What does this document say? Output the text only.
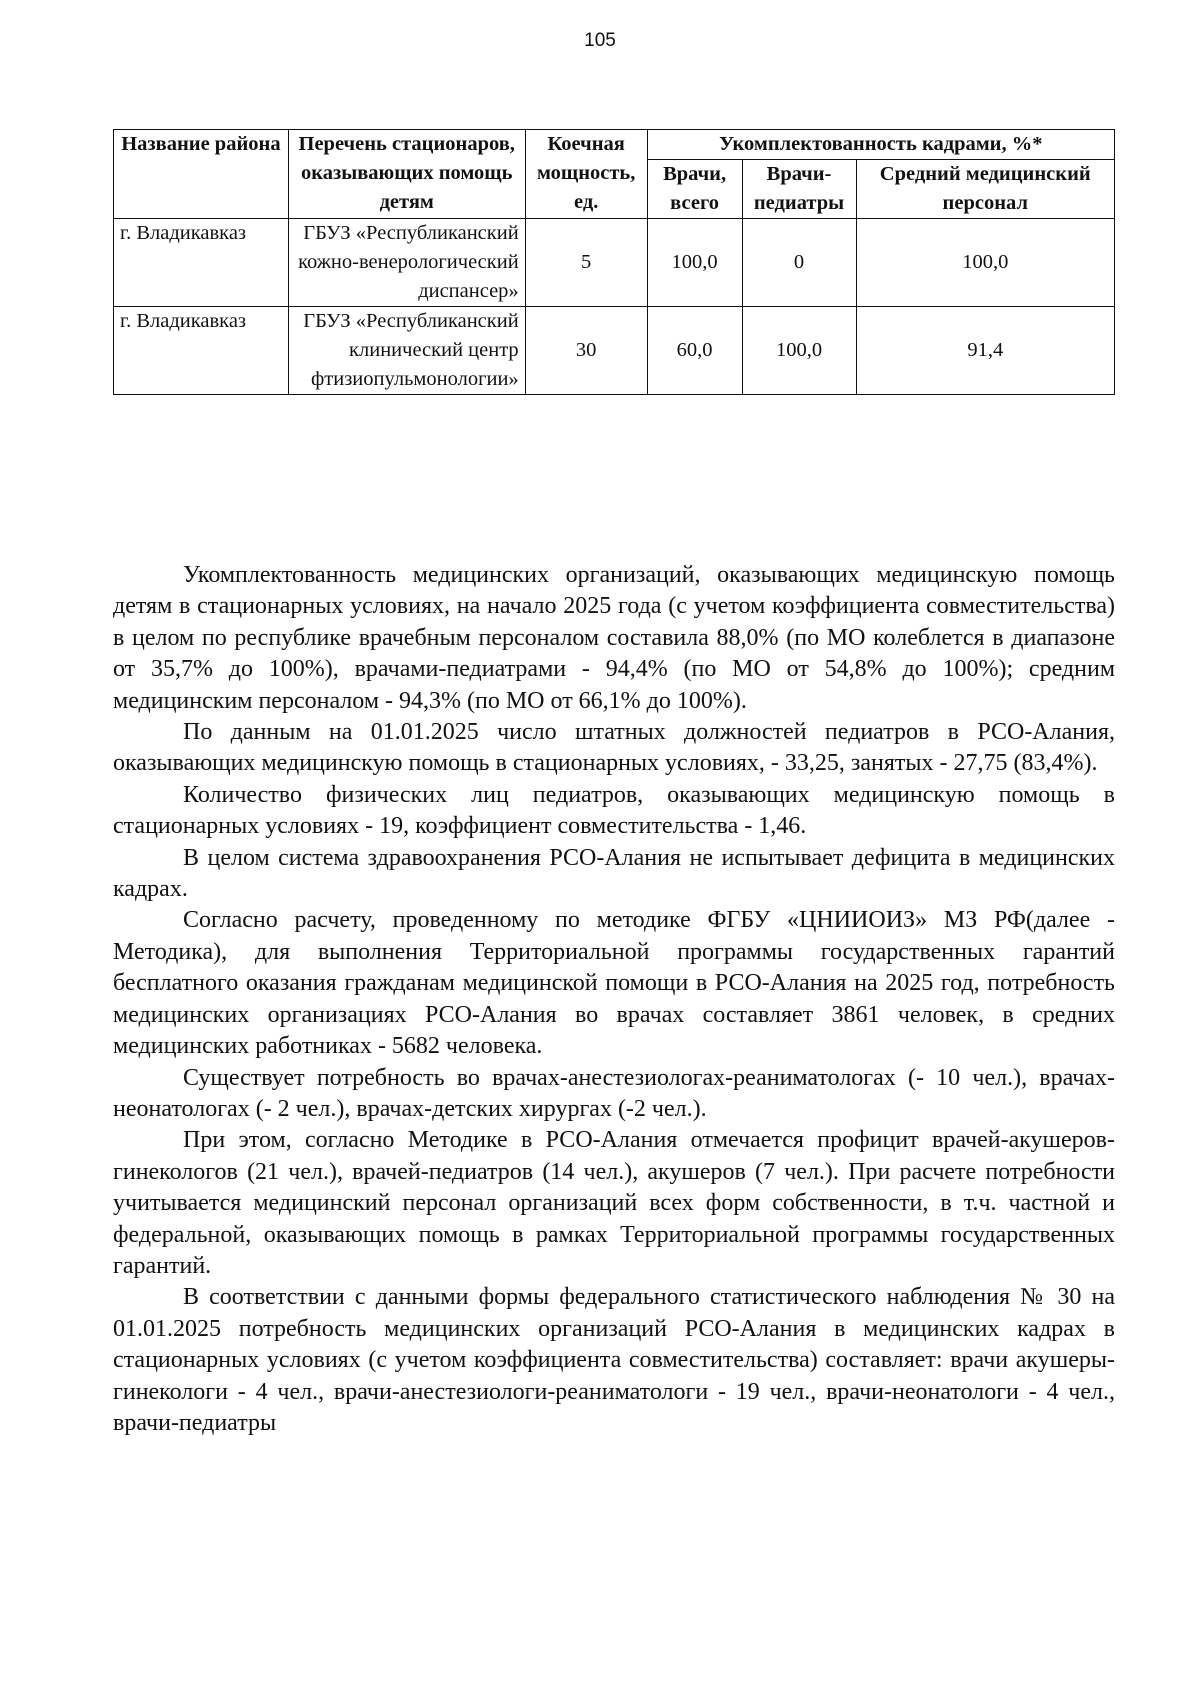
105
Название района	Перечень стационаров, оказывающих помощь детям	Коечная мощность, ед.	Укомплектованность кадрами, %*		
			Врачи, всего	Врачи-педиатры	Средний медицинский персонал
г. Владикавказ	ГБУЗ «Республиканский кожно-венерологический диспансер»	5	100,0	0	100,0
г. Владикавказ	ГБУЗ «Республиканский клинический центр фтизиопульмонологии»	30	60,0	100,0	91,4

Укомплектованность медицинских организаций, оказывающих медицинскую помощь детям в стационарных условиях, на начало 2025 года (с учетом коэффициента совместительства) в целом по республике врачебным персоналом составила 88,0% (по МО колеблется в диапазоне от 35,7% до 100%), врачами-педиатрами - 94,4% (по МО от 54,8% до 100%); средним медицинским персоналом - 94,3% (по МО от 66,1% до 100%).

По данным на 01.01.2025 число штатных должностей педиатров в РСО-Алания, оказывающих медицинскую помощь в стационарных условиях, - 33,25, занятых - 27,75 (83,4%).

Количество физических лиц педиатров, оказывающих медицинскую помощь в стационарных условиях - 19, коэффициент совместительства - 1,46.

В целом система здравоохранения РСО-Алания не испытывает дефицита в медицинских кадрах.

Согласно расчету, проведенному по методике ФГБУ «ЦНИИОИЗ» МЗ РФ(далее - Методика), для выполнения Территориальной программы государственных гарантий бесплатного оказания гражданам медицинской помощи в РСО-Алания на 2025 год, потребность медицинских организациях РСО-Алания во врачах составляет 3861 человек, в средних медицинских работниках - 5682 человека.

Существует потребность во врачах-анестезиологах-реаниматологах (- 10 чел.), врачах-неонатологах (- 2 чел.), врачах-детских хирургах (-2 чел.).

При этом, согласно Методике в РСО-Алания отмечается профицит врачей-акушеров-гинекологов (21 чел.), врачей-педиатров (14 чел.), акушеров (7 чел.). При расчете потребности учитывается медицинский персонал организаций всех форм собственности, в т.ч. частной и федеральной, оказывающих помощь в рамках Территориальной программы государственных гарантий.

В соответствии с данными формы федерального статистического наблюдения № 30 на 01.01.2025 потребность медицинских организаций РСО-Алания в медицинских кадрах в стационарных условиях (с учетом коэффициента совместительства) составляет: врачи акушеры-гинекологи - 4 чел., врачи-анестезиологи-реаниматологи - 19 чел., врачи-неонатологи - 4 чел., врачи-педиатры
